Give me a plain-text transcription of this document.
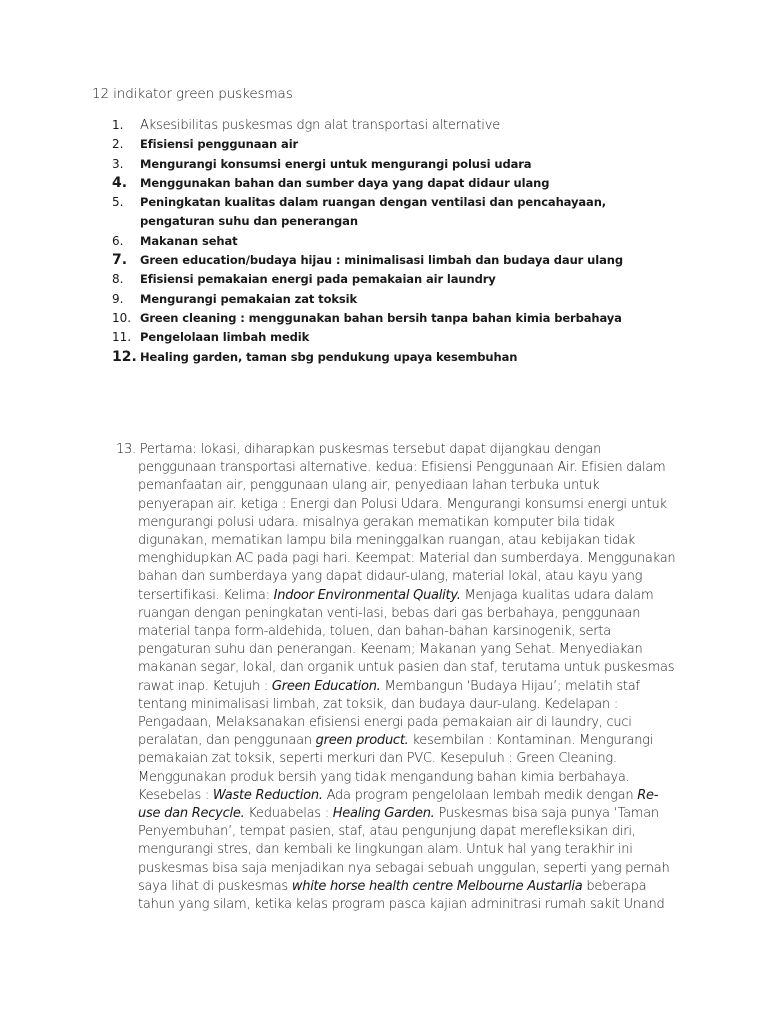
12 indikator green puskesmas
1.	Aksesibilitas puskesmas dgn alat transportasi alternative
2.	Efisiensi penggunaan air
3.	Mengurangi konsumsi energi untuk mengurangi polusi udara
4.	Menggunakan bahan dan sumber daya yang dapat didaur ulang
5.	Peningkatan kualitas dalam ruangan dengan ventilasi dan pencahayaan, pengaturan suhu dan penerangan
6.	Makanan sehat
7.	Green education/budaya hijau : minimalisasi limbah dan budaya daur ulang
8.	Efisiensi pemakaian energi pada pemakaian air laundry
9.	Mengurangi pemakaian zat toksik
10. Green cleaning : menggunakan bahan bersih tanpa bahan kimia berbahaya
11. Pengelolaan limbah medik
12. Healing garden, taman sbg pendukung upaya kesembuhan
13. Pertama: lokasi, diharapkan puskesmas tersebut dapat dijangkau dengan
penggunaan transportasi alternative. kedua: Efisiensi Penggunaan Air. Efisien dalam
pemanfaatan air, penggunaan ulang air, penyediaan lahan terbuka untuk
penyerapan air. ketiga : Energi dan Polusi Udara. Mengurangi konsumsi energi untuk
mengurangi polusi udara. misalnya gerakan mematikan komputer bila tidak
digunakan, mematikan lampu bila meninggalkan ruangan, atau kebijakan tidak
menghidupkan AC pada pagi hari. Keempat: Material dan sumberdaya. Menggunakan
bahan dan sumberdaya yang dapat didaur-ulang, material lokal, atau kayu yang
tersertifikasi. Kelima: Indoor Environmental Quality. Menjaga kualitas udara dalam
ruangan dengan peningkatan venti-lasi, bebas dari gas berbahaya, penggunaan
material tanpa form-aldehida, toluen, dan bahan-bahan karsinogenik, serta
pengaturan suhu dan penerangan. Keenam; Makanan yang Sehat. Menyediakan
makanan segar, lokal, dan organik untuk pasien dan staf, terutama untuk puskesmas
rawat inap. Ketujuh : Green Education. Membangun ‘Budaya Hijau’; melatih staf
tentang minimalisasi limbah, zat toksik, dan budaya daur-ulang. Kedelapan :
Pengadaan, Melaksanakan efisiensi energi pada pemakaian air di laundry, cuci
peralatan, dan penggunaan green product. kesembilan : Kontaminan. Mengurangi
pemakaian zat toksik, seperti merkuri dan PVC. Kesepuluh : Green Cleaning.
Menggunakan produk bersih yang tidak mengandung bahan kimia berbahaya.
Kesebelas : Waste Reduction. Ada program pengelolaan lembah medik dengan Re-
use dan Recycle. Keduabelas : Healing Garden. Puskesmas bisa saja punya ‘Taman
Penyembuhan’, tempat pasien, staf, atau pengunjung dapat merefleksikan diri,
mengurangi stres, dan kembali ke lingkungan alam. Untuk hal yang terakhir ini
puskesmas bisa saja menjadikan nya sebagai sebuah unggulan, seperti yang pernah
saya lihat di puskesmas white horse health centre Melbourne Austarlia beberapa
tahun yang silam, ketika kelas program pasca kajian adminitrasi rumah sakit Unand
